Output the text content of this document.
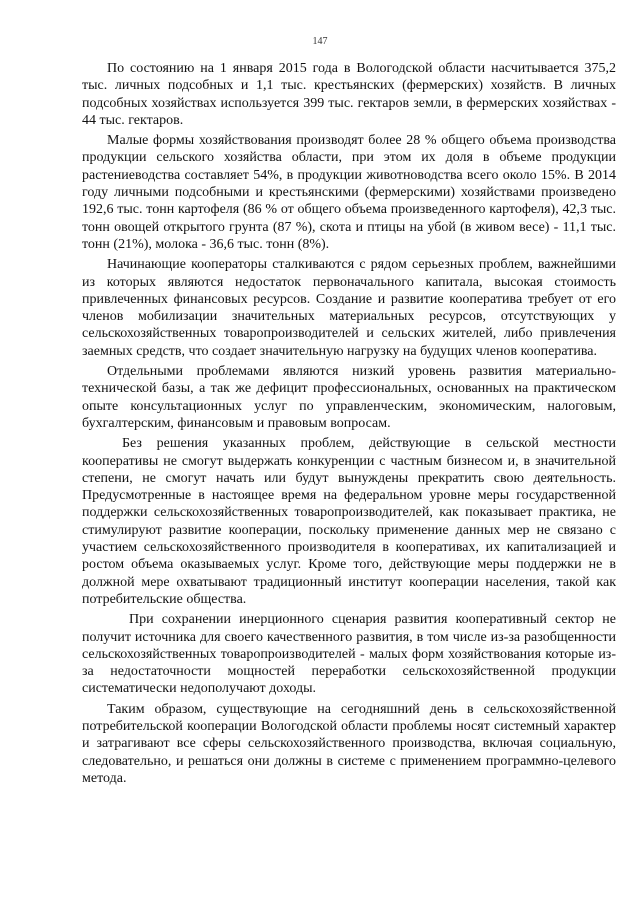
147

По состоянию на 1 января 2015 года в Вологодской области насчитывается 375,2 тыс. личных подсобных и 1,1 тыс. крестьянских (фермерских) хозяйств. В личных подсобных хозяйствах используется 399 тыс. гектаров земли, в фермерских хозяйствах - 44 тыс. гектаров.

Малые формы хозяйствования производят более 28 % общего объема производства продукции сельского хозяйства области, при этом их доля в объеме продукции растениеводства составляет 54%, в продукции животноводства всего около 15%. В 2014 году личными подсобными и крестьянскими (фермерскими) хозяйствами произведено 192,6 тыс. тонн картофеля (86 % от общего объема произведенного картофеля), 42,3 тыс. тонн овощей открытого грунта (87 %), скота и птицы на убой (в живом весе) - 11,1 тыс. тонн (21%), молока - 36,6 тыс. тонн (8%).

Начинающие кооператоры сталкиваются с рядом серьезных проблем, важнейшими из которых являются недостаток первоначального капитала, высокая стоимость привлеченных финансовых ресурсов. Создание и развитие кооператива требует от его членов мобилизации значительных материальных ресурсов, отсутствующих у сельскохозяйственных товаропроизводителей и сельских жителей, либо привлечения заемных средств, что создает значительную нагрузку на будущих членов кооператива.

Отдельными проблемами являются низкий уровень развития материально-технической базы, а так же дефицит профессиональных, основанных на практическом опыте консультационных услуг по управленческим, экономическим, налоговым, бухгалтерским, финансовым и правовым вопросам.

Без решения указанных проблем, действующие в сельской местности кооперативы не смогут выдержать конкуренции с частным бизнесом и, в значительной степени, не смогут начать или будут вынуждены прекратить свою деятельность. Предусмотренные в настоящее время на федеральном уровне меры государственной поддержки сельскохозяйственных товаропроизводителей, как показывает практика, не стимулируют развитие кооперации, поскольку применение данных мер не связано с участием сельскохозяйственного производителя в кооперативах, их капитализацией и ростом объема оказываемых услуг. Кроме того, действующие меры поддержки не в должной мере охватывают традиционный институт кооперации населения, такой как потребительские общества.

При сохранении инерционного сценария развития кооперативный сектор не получит источника для своего качественного развития, в том числе из-за разобщенности сельскохозяйственных товаропроизводителей - малых форм хозяйствования которые из-за недостаточности мощностей переработки сельскохозяйственной продукции систематически недополучают доходы.

Таким образом, существующие на сегодняшний день в сельскохозяйственной потребительской кооперации Вологодской области проблемы носят системный характер и затрагивают все сферы сельскохозяйственного производства, включая социальную, следовательно, и решаться они должны в системе с применением программно-целевого метода.
